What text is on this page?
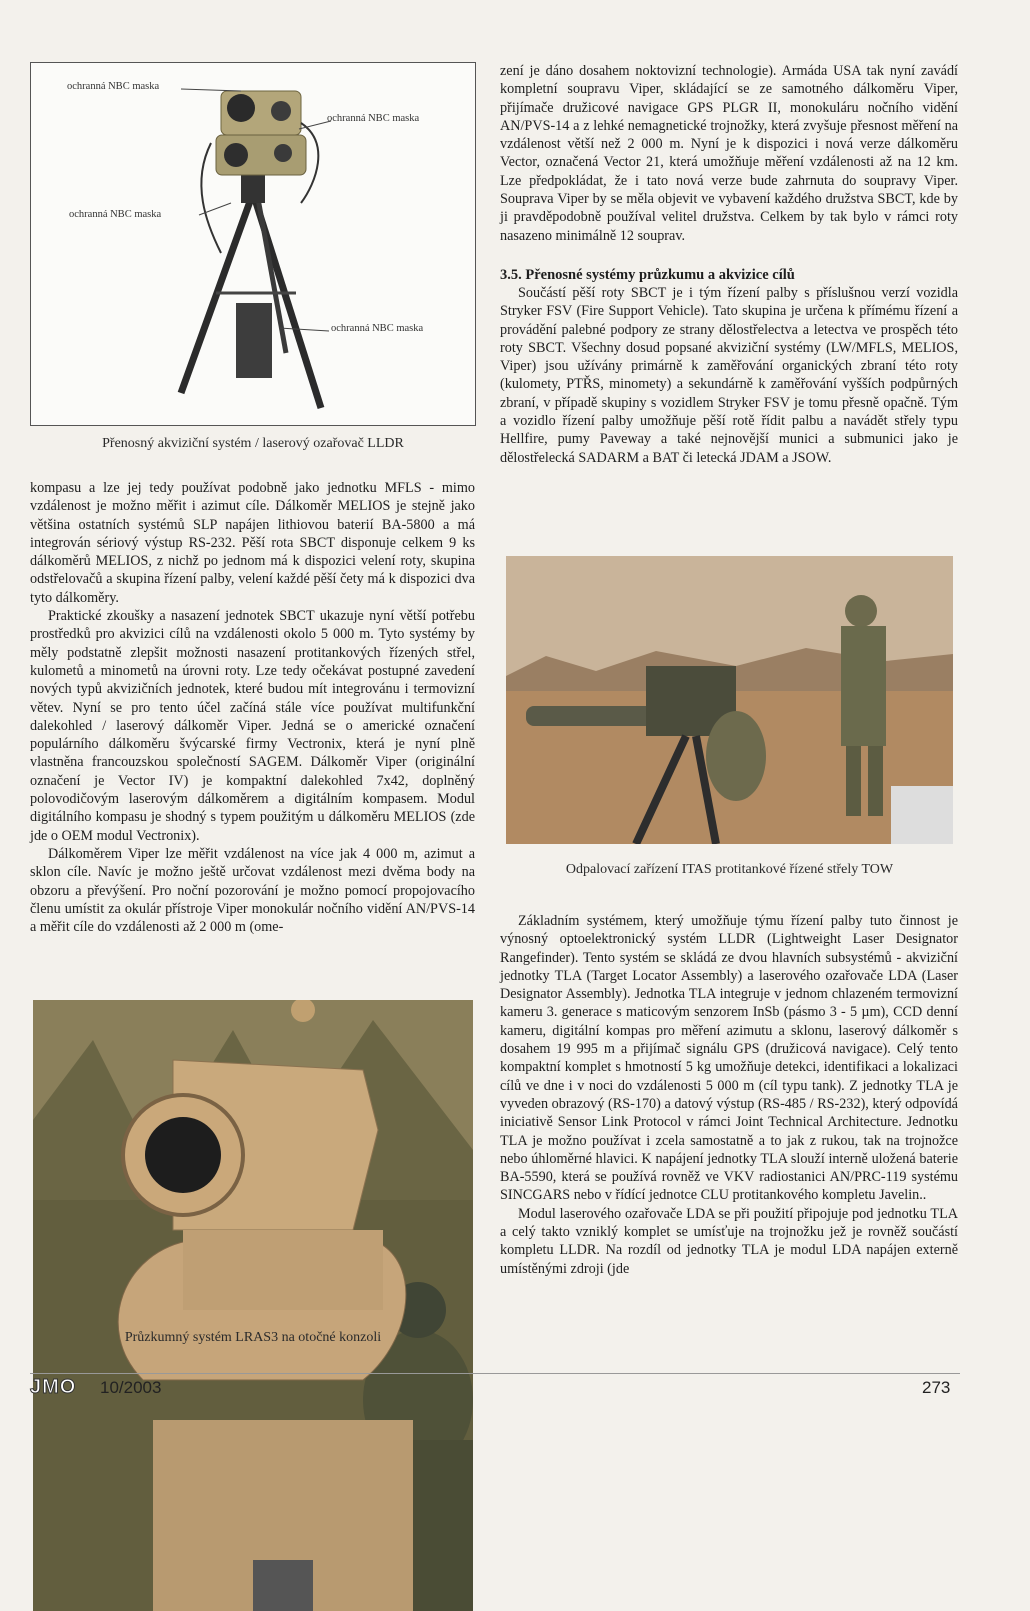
ochranná NBC maska
ochranná NBC maska
ochranná NBC maska
ochranná NBC maska

Přenosný akviziční systém / laserový ozařovač LLDR

kompasu a lze jej tedy používat podobně jako jednotku MFLS - mimo vzdálenost je možno měřit i azimut cíle. Dálkoměr MELIOS je stejně jako většina ostatních systémů SLP napájen lithiovou baterií BA-5800 a má integrován sériový výstup RS-232. Pěší rota SBCT disponuje celkem 9 ks dálkoměrů MELIOS, z nichž po jednom má k dispozici velení roty, skupina odstřelovačů a skupina řízení palby, velení každé pěší čety má k dispozici dva tyto dálkoměry.

Praktické zkoušky a nasazení jednotek SBCT ukazuje nyní větší potřebu prostředků pro akvizici cílů na vzdálenosti okolo 5 000 m. Tyto systémy by měly podstatně zlepšit možnosti nasazení protitankových řízených střel, kulometů a minometů na úrovni roty. Lze tedy očekávat postupné zavedení nových typů akvizičních jednotek, které budou mít integrovánu i termovizní větev. Nyní se pro tento účel začíná stále více používat multifunkční dalekohled / laserový dálkoměr Viper. Jedná se o americké označení populárního dálkoměru švýcarské firmy Vectronix, která je nyní plně vlastněna francouzskou společností SAGEM. Dálkoměr Viper (originální označení je Vector IV) je kompaktní dalekohled 7x42, doplněný polovodičovým laserovým dálkoměrem a digitálním kompasem. Modul digitálního kompasu je shodný s typem použitým u dálkoměru MELIOS (zde jde o OEM modul Vectronix).

Dálkoměrem Viper lze měřit vzdálenost na více jak 4 000 m, azimut a sklon cíle. Navíc je možno ještě určovat vzdálenost mezi dvěma body na obzoru a převýšení. Pro noční pozorování je možno pomocí propojovacího členu umístit za okulár přístroje Viper monokulár nočního vidění AN/PVS-14 a měřit cíle do vzdálenosti až 2 000 m (ome-

Průzkumný systém LRAS3 na otočné konzoli

zení je dáno dosahem noktovizní technologie). Armáda USA tak nyní zavádí kompletní soupravu Viper, skládající se ze samotného dálkoměru Viper, přijímače družicové navigace GPS PLGR II, monokuláru nočního vidění AN/PVS-14 a z lehké nemagnetické trojnožky, která zvyšuje přesnost měření na vzdálenost větší než 2 000 m. Nyní je k dispozici i nová verze dálkoměru Vector, označená Vector 21, která umožňuje měření vzdálenosti až na 12 km. Lze předpokládat, že i tato nová verze bude zahrnuta do soupravy Viper. Souprava Viper by se měla objevit ve vybavení každého družstva SBCT, kde by ji pravděpodobně používal velitel družstva. Celkem by tak bylo v rámci roty nasazeno minimálně 12 souprav.

3.5. Přenosné systémy průzkumu a akvizice cílů

Součástí pěší roty SBCT je i tým řízení palby s příslušnou verzí vozidla Stryker FSV (Fire Support Vehicle). Tato skupina je určena k přímému řízení a provádění palebné podpory ze strany dělostřelectva a letectva ve prospěch této roty SBCT. Všechny dosud popsané akviziční systémy (LW/MFLS, MELIOS, Viper) jsou užívány primárně k zaměřování organických zbraní této roty (kulomety, PTŘS, minomety) a sekundárně k zaměřování vyšších podpůrných zbraní, v případě skupiny s vozidlem Stryker FSV je tomu přesně opačně. Tým a vozidlo řízení palby umožňuje pěší rotě řídit palbu a navádět střely typu Hellfire, pumy Paveway a také nejnovější munici a submunici jako je dělostřelecká SADARM a BAT či letecká JDAM a JSOW.

Odpalovací zařízení ITAS protitankové řízené střely TOW

Základním systémem, který umožňuje týmu řízení palby tuto činnost je výnosný optoelektronický systém LLDR (Lightweight Laser Designator Rangefinder). Tento systém se skládá ze dvou hlavních subsystémů - akviziční jednotky TLA (Target Locator Assembly) a laserového ozařovače LDA (Laser Designator Assembly). Jednotka TLA integruje v jednom chlazeném termovizní kameru 3. generace s maticovým senzorem InSb (pásmo 3 - 5 µm), CCD denní kameru, digitální kompas pro měření azimutu a sklonu, laserový dálkoměr s dosahem 19 995 m a přijímač signálu GPS (družicová navigace). Celý tento kompaktní komplet s hmotností 5 kg umožňuje detekci, identifikaci a lokalizaci cílů ve dne i v noci do vzdálenosti 5 000 m (cíl typu tank). Z jednotky TLA je vyveden obrazový (RS-170) a datový výstup (RS-485 / RS-232), který odpovídá iniciativě Sensor Link Protocol v rámci Joint Technical Architecture. Jednotku TLA je možno používat i zcela samostatně a to jak z rukou, tak na trojnožce nebo úhloměrné hlavici. K napájení jednotky TLA slouží interně uložená baterie BA-5590, která se používá rovněž ve VKV radiostanici AN/PRC-119 systému SINCGARS nebo v řídící jednotce CLU protitankového kompletu Javelin..

Modul laserového ozařovače LDA se při použití připojuje pod jednotku TLA a celý takto vzniklý komplet se umísťuje na trojnožku jež je rovněž součástí kompletu LLDR. Na rozdíl od jednotky TLA je modul LDA napájen externě umístěnými zdroji (jde

JMO 10/2003	273
